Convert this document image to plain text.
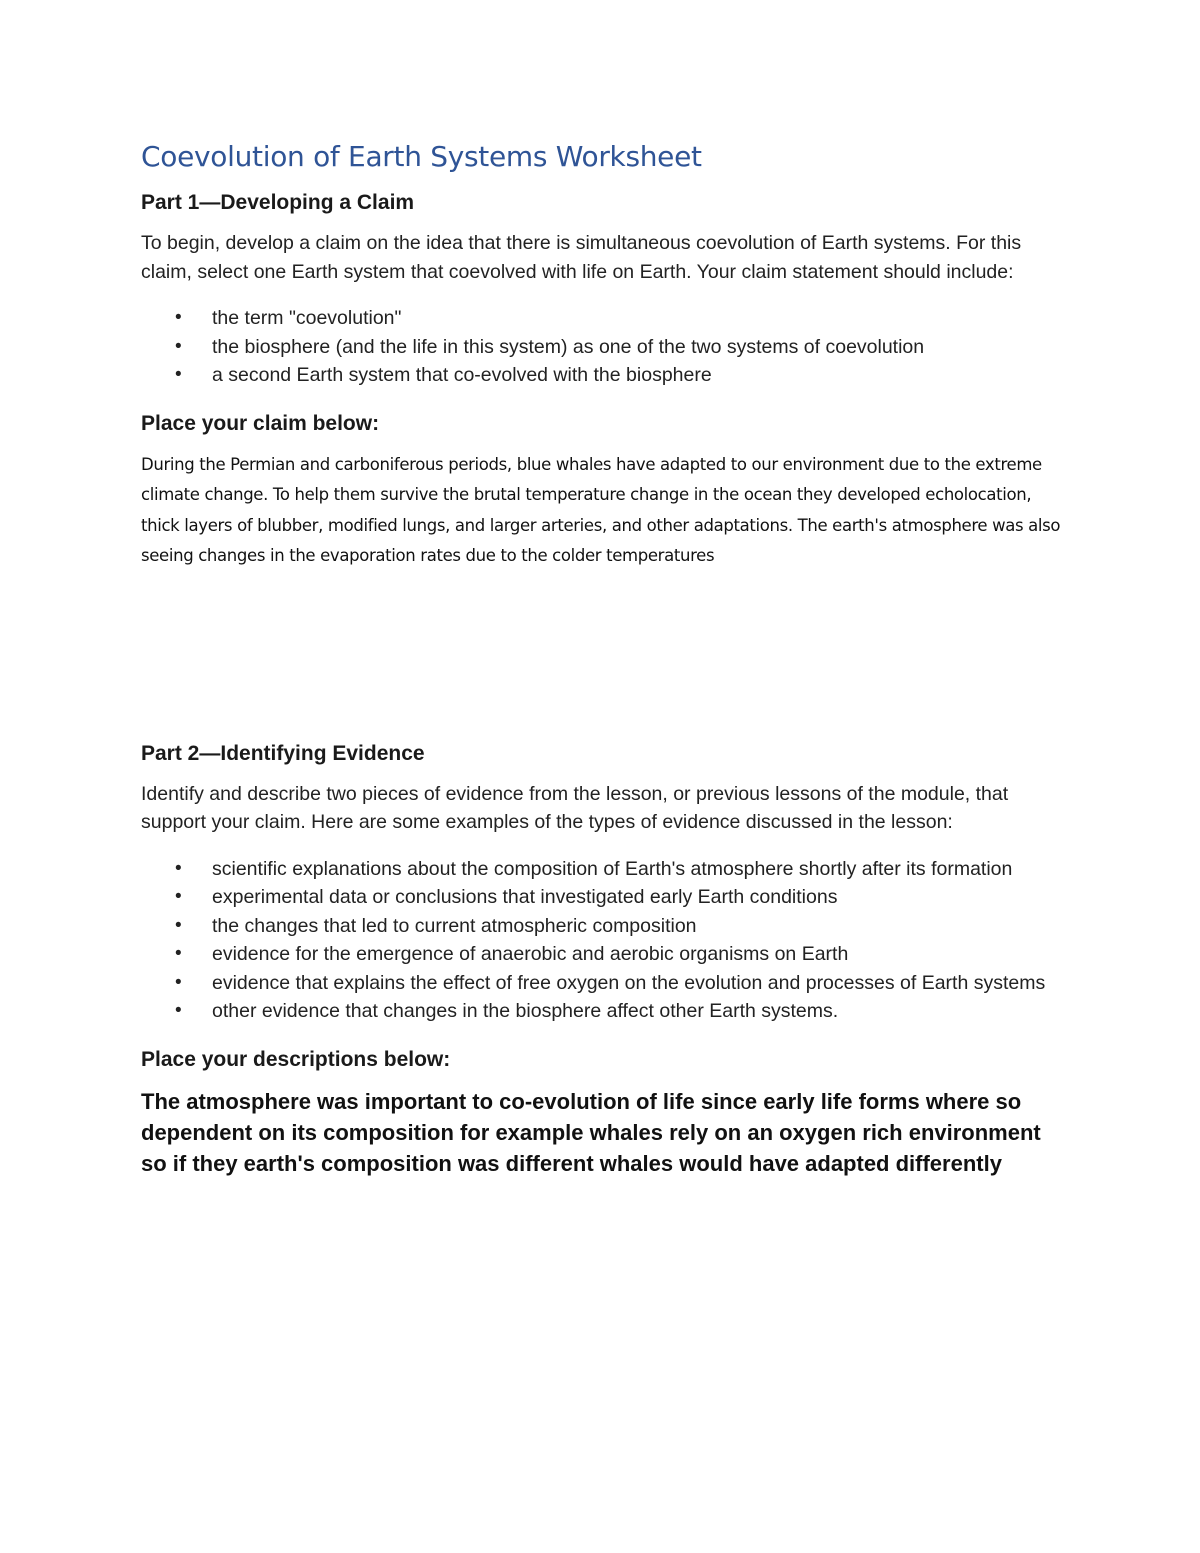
Coevolution of Earth Systems Worksheet
Part 1—Developing a Claim

To begin, develop a claim on the idea that there is simultaneous coevolution of Earth systems. For this claim, select one Earth system that coevolved with life on Earth. Your claim statement should include:

• the term "coevolution"
• the biosphere (and the life in this system) as one of the two systems of coevolution
• a second Earth system that co-evolved with the biosphere
Place your claim below:

During the Permian and carboniferous periods, blue whales have adapted to our environment due to the extreme climate change. To help them survive the brutal temperature change in the ocean they developed echolocation, thick layers of blubber, modified lungs, and larger arteries, and other adaptations. The earth's atmosphere was also seeing changes in the evaporation rates due to the colder temperatures

Part 2—Identifying Evidence

Identify and describe two pieces of evidence from the lesson, or previous lessons of the module, that support your claim. Here are some examples of the types of evidence discussed in the lesson:

• scientific explanations about the composition of Earth's atmosphere shortly after its formation
• experimental data or conclusions that investigated early Earth conditions
• the changes that led to current atmospheric composition
• evidence for the emergence of anaerobic and aerobic organisms on Earth
• evidence that explains the effect of free oxygen on the evolution and processes of Earth systems
• other evidence that changes in the biosphere affect other Earth systems.
Place your descriptions below:

The atmosphere was important to co-evolution of life since early life forms where so dependent on its composition for example whales rely on an oxygen rich environment so if they earth's composition was different whales would have adapted differently
